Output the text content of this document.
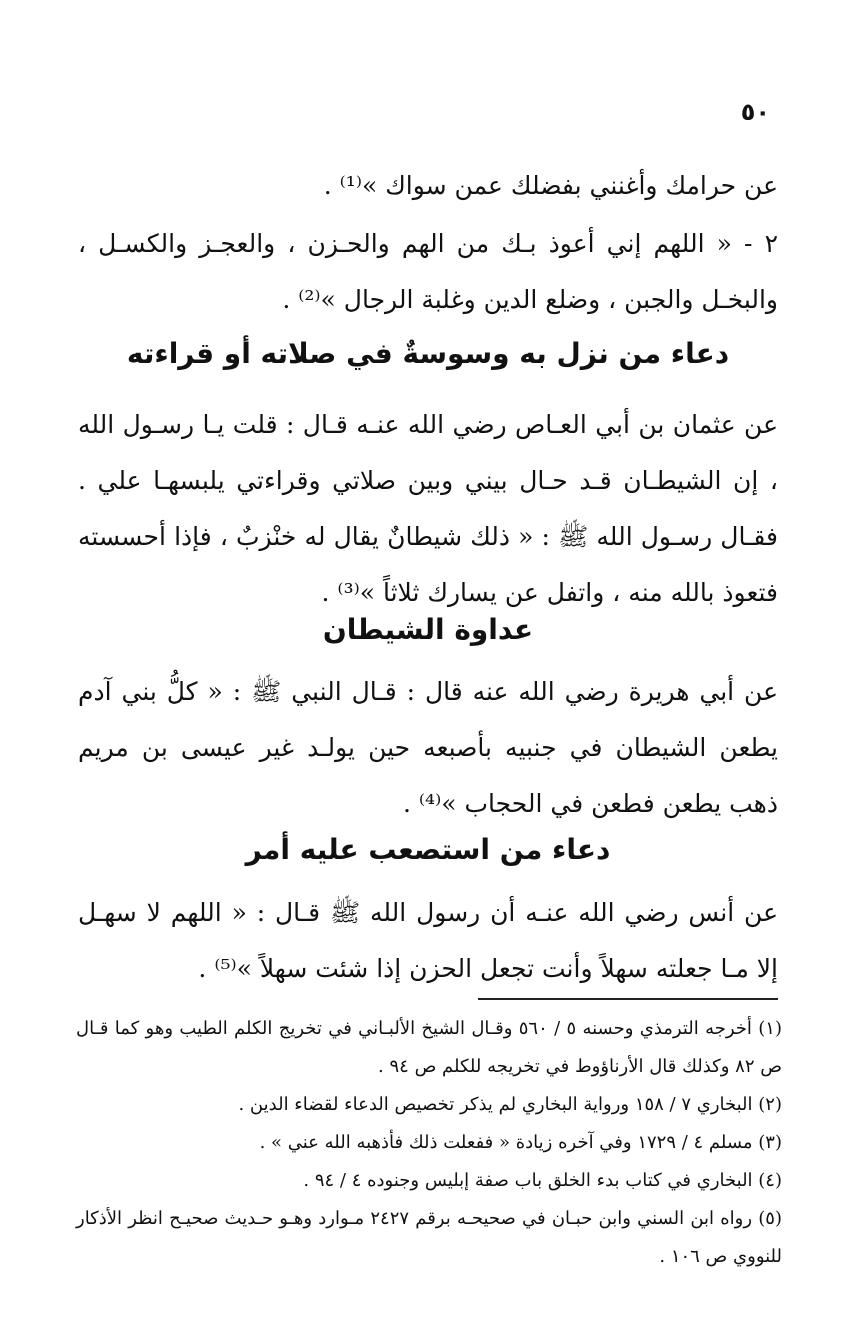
٥٠

عن حرامك وأغنني بفضلك عمن سواك »⁽¹⁾ .

٢ - « اللهم إني أعوذ بـك من الهم والحـزن ، والعجـز والكسـل ، والبخـل والجبن ، وضلع الدين وغلبة الرجال »⁽²⁾ .

دعاء من نزل به وسوسةٌ في صلاته أو قراءته

عن عثمان بن أبي العـاص رضي الله عنـه قـال : قلت يـا رسـول الله ، إن الشيطـان قـد حـال بيني وبين صلاتي وقراءتي يلبسهـا علي . فقـال رسـول الله ﷺ : « ذلك شيطانٌ يقال له خنْزبٌ ، فإذا أحسسته فتعوذ بالله منه ، واتفل عن يسارك ثلاثاً »⁽³⁾ .

عداوة الشيطان

عن أبي هريرة رضي الله عنه قال : قـال النبي ﷺ : « كلُّ بني آدم يطعن الشيطان في جنبيه بأصبعه حين يولـد غير عيسى بن مريم ذهب يطعن فطعن في الحجاب »⁽⁴⁾ .

دعاء من استصعب عليه أمر

عن أنس رضي الله عنـه أن رسول الله ﷺ قـال : « اللهم لا سهـل إلا مـا جعلته سهلاً وأنت تجعل الحزن إذا شئت سهلاً »⁽⁵⁾ .

(١) أخرجه الترمذي وحسنه ٥ / ٥٦٠ وقـال الشيخ الألبـاني في تخريج الكلم الطيب وهو كما قـال ص ٨٢ وكذلك قال الأرناؤوط في تخريجه للكلم ص ٩٤ .

(٢) البخاري ٧ / ١٥٨ ورواية البخاري لم يذكر تخصيص الدعاء لقضاء الدين .

(٣) مسلم ٤ / ١٧٢٩ وفي آخره زيادة « ففعلت ذلك فأذهبه الله عني » .

(٤) البخاري في كتاب بدء الخلق باب صفة إبليس وجنوده ٤ / ٩٤ .

(٥) رواه ابن السني وابن حبـان في صحيحـه برقم ٢٤٢٧ مـوارد وهـو حـديث صحيـح انظر الأذكار للنووي ص ١٠٦ .
